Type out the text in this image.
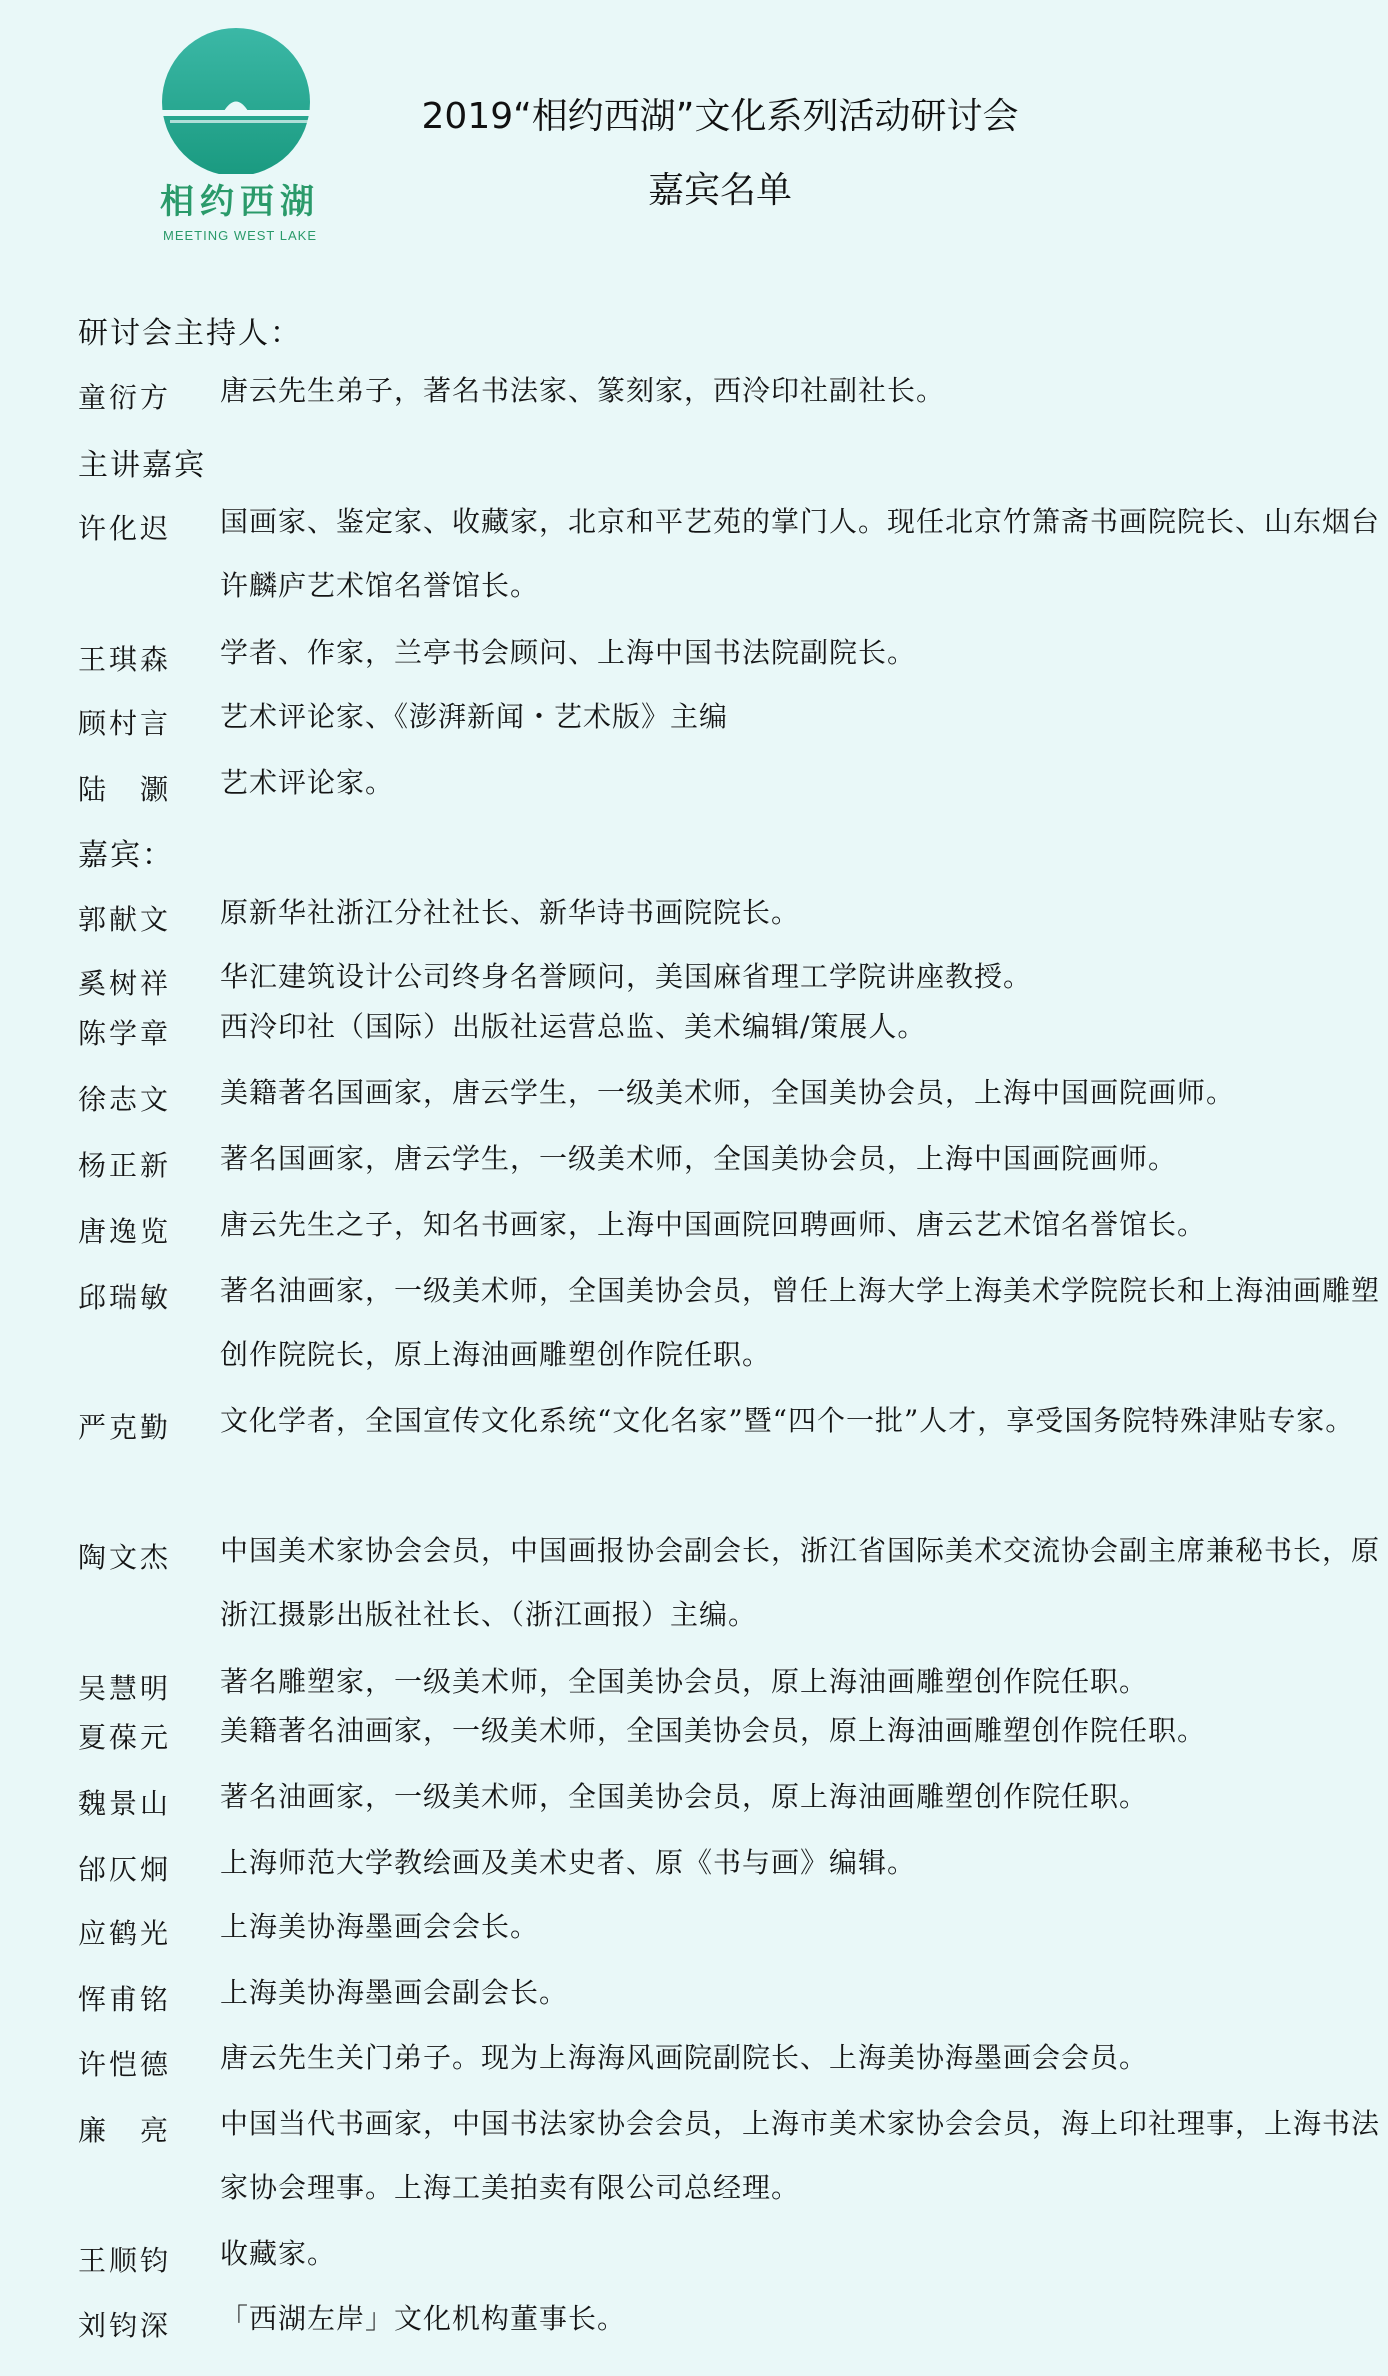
相约西湖
MEETING WEST LAKE
2019“相约西湖”文化系列活动研讨会
嘉宾名单
研讨会主持人：
童衍方	唐云先生弟子，著名书法家、篆刻家，西泠印社副社长。
主讲嘉宾
许化迟	国画家、鉴定家、收藏家，北京和平艺苑的掌门人。现任北京竹箫斋书画院院长、山东烟台许麟庐艺术馆名誉馆长。
王琪森	学者、作家，兰亭书会顾问、上海中国书法院副院长。
顾村言	艺术评论家、《澎湃新闻・艺术版》主编
陆　灏	艺术评论家。
嘉宾：
郭献文	原新华社浙江分社社长、新华诗书画院院长。
奚树祥	华汇建筑设计公司终身名誉顾问，美国麻省理工学院讲座教授。
陈学章	西泠印社（国际）出版社运营总监、美术编辑/策展人。
徐志文	美籍著名国画家，唐云学生，一级美术师，全国美协会员，上海中国画院画师。
杨正新	著名国画家，唐云学生，一级美术师，全国美协会员，上海中国画院画师。
唐逸览	唐云先生之子，知名书画家，上海中国画院回聘画师、唐云艺术馆名誉馆长。
邱瑞敏	著名油画家，一级美术师，全国美协会员，曾任上海大学上海美术学院院长和上海油画雕塑创作院院长，原上海油画雕塑创作院任职。
严克勤	文化学者，全国宣传文化系统“文化名家”暨“四个一批”人才，享受国务院特殊津贴专家。
陶文杰	中国美术家协会会员，中国画报协会副会长，浙江省国际美术交流协会副主席兼秘书长，原浙江摄影出版社社长、（浙江画报）主编。
吴慧明	著名雕塑家，一级美术师，全国美协会员，原上海油画雕塑创作院任职。
夏葆元	美籍著名油画家，一级美术师，全国美协会员，原上海油画雕塑创作院任职。
魏景山	著名油画家，一级美术师，全国美协会员，原上海油画雕塑创作院任职。
邰仄炯	上海师范大学教绘画及美术史者、原《书与画》编辑。
应鹤光	上海美协海墨画会会长。
恽甫铭	上海美协海墨画会副会长。
许恺德	唐云先生关门弟子。现为上海海风画院副院长、上海美协海墨画会会员。
廉　亮	中国当代书画家，中国书法家协会会员，上海市美术家协会会员，海上印社理事，上海书法家协会理事。上海工美拍卖有限公司总经理。
王顺钧	收藏家。
刘钧深	「西湖左岸」文化机构董事长。
